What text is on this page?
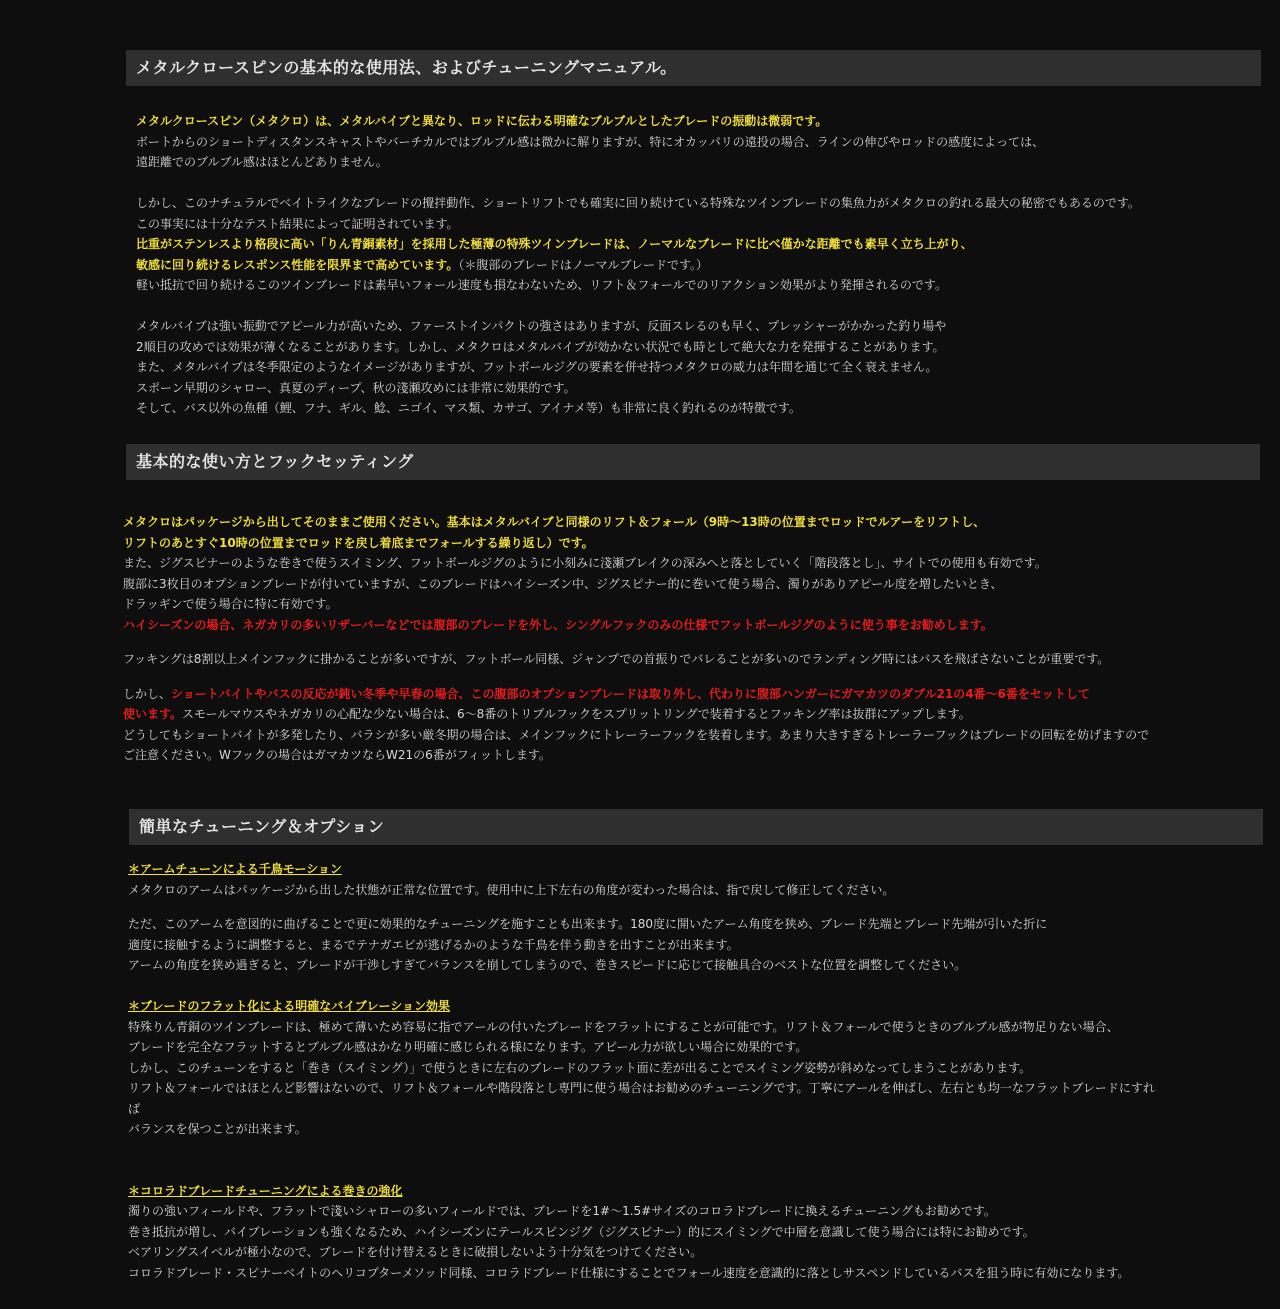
メタルクロースピンの基本的な使用法、およびチューニングマニュアル。

メタルクロースピン（メタクロ）は、メタルバイブと異なり、ロッドに伝わる明確なブルブルとしたブレードの振動は微弱です。

ボートからのショートディスタンスキャストやバーチカルではブルブル感は微かに解りますが、特にオカッパリの遠投の場合、ラインの伸びやロッドの感度によっては、

遠距離でのブルブル感はほとんどありません。

しかし、このナチュラルでベイトライクなブレードの攪拌動作、ショートリフトでも確実に回り続けている特殊なツインブレードの集魚力がメタクロの釣れる最大の秘密でもあるのです。

この事実には十分なテスト結果によって証明されています。

比重がステンレスより格段に高い「りん青銅素材」を採用した極薄の特殊ツインブレードは、ノーマルなブレードに比べ僅かな距離でも素早く立ち上がり、

敏感に回り続けるレスポンス性能を限界まで高めています。（＊腹部のブレードはノーマルブレードです。）

軽い抵抗で回り続けるこのツインブレードは素早いフォール速度も損なわないため、リフト＆フォールでのリアクション効果がより発揮されるのです。

メタルバイブは強い振動でアピール力が高いため、ファーストインパクトの強さはありますが、反面スレるのも早く、プレッシャーがかかった釣り場や

2順目の攻めでは効果が薄くなることがあります。しかし、メタクロはメタルバイブが効かない状況でも時として絶大な力を発揮することがあります。

また、メタルバイブは冬季限定のようなイメージがありますが、フットボールジグの要素を併せ持つメタクロの威力は年間を通じて全く衰えません。

スポーン早期のシャロー、真夏のディープ、秋の淺瀬攻めには非常に効果的です。

そして、バス以外の魚種（鯉、フナ、ギル、鯰、ニゴイ、マス類、カサゴ、アイナメ等）も非常に良く釣れるのが特徴です。

基本的な使い方とフックセッティング

メタクロはパッケージから出してそのままご使用ください。基本はメタルバイブと同様のリフト＆フォール（9時～13時の位置までロッドでルアーをリフトし、

リフトのあとすぐ10時の位置までロッドを戻し着底までフォールする繰り返し）です。

また、ジグスピナーのような巻きで使うスイミング、フットボールジグのように小刻みに淺瀬ブレイクの深みへと落としていく「階段落とし」、サイトでの使用も有効です。

腹部に3枚目のオプションブレードが付いていますが、このブレードはハイシーズン中、ジグスピナー的に巻いて使う場合、濁りがありアピール度を増したいとき、

ドラッギンで使う場合に特に有効です。

ハイシーズンの場合、ネガカリの多いリザーバーなどでは腹部のブレードを外し、シングルフックのみの仕様でフットボールジグのように使う事をお勧めします。

フッキングは8割以上メインフックに掛かることが多いですが、フットボール同様、ジャンプでの首振りでバレることが多いのでランディング時にはバスを飛ばさないことが重要です。

しかし、ショートバイトやバスの反応が鈍い冬季や早春の場合、この腹部のオプションブレードは取り外し、代わりに腹部ハンガーにガマカツのダブル21の4番～6番をセットして

使います。スモールマウスやネガカリの心配な少ない場合は、6～8番のトリプルフックをスプリットリングで装着するとフッキング率は抜群にアップします。

どうしてもショートバイトが多発したり、バラシが多い厳冬期の場合は、メインフックにトレーラーフックを装着します。あまり大きすぎるトレーラーフックはブレードの回転を妨げますので

ご注意ください。Wフックの場合はガマカツならW21の6番がフィットします。

簡単なチューニング＆オプション

＊アームチューンによる千鳥モーション

メタクロのアームはパッケージから出した状態が正常な位置です。使用中に上下左右の角度が変わった場合は、指で戻して修正してください。

ただ、このアームを意図的に曲げることで更に効果的なチューニングを施すことも出来ます。180度に開いたアーム角度を狭め、ブレード先端とブレード先端が引いた折に

適度に接触するように調整すると、まるでテナガエビが逃げるかのような千鳥を伴う動きを出すことが出来ます。

アームの角度を狭め過ぎると、ブレードが干渉しすぎてバランスを崩してしまうので、巻きスピードに応じて接触具合のベストな位置を調整してください。

＊ブレードのフラット化による明確なバイブレーション効果

特殊りん青銅のツインブレードは、極めて薄いため容易に指でアールの付いたブレードをフラットにすることが可能です。リフト＆フォールで使うときのブルブル感が物足りない場合、

ブレードを完全なフラットするとブルブル感はかなり明確に感じられる様になります。アピール力が欲しい場合に効果的です。

しかし、このチューンをすると「巻き（スイミング）」で使うときに左右のブレードのフラット面に差が出ることでスイミング姿勢が斜めなってしまうことがあります。

リフト＆フォールではほとんど影響はないので、リフト＆フォールや階段落とし専門に使う場合はお勧めのチューニングです。丁寧にアールを伸ばし、左右とも均一なフラットブレードにすれ

ば

バランスを保つことが出来ます。

＊コロラドブレードチューニングによる巻きの強化

濁りの強いフィールドや、フラットで淺いシャローの多いフィールドでは、ブレードを1#～1.5#サイズのコロラドブレードに換えるチューニングもお勧めです。

巻き抵抗が増し、バイブレーションも強くなるため、ハイシーズンにテールスピンジグ（ジグスピナー）的にスイミングで中層を意識して使う場合には特にお勧めです。

ベアリングスイベルが極小なので、ブレードを付け替えるときに破損しないよう十分気をつけてください。

コロラドブレード・スピナーベイトのヘリコプターメソッド同様、コロラドブレード仕様にすることでフォール速度を意識的に落としサスペンドしているバスを狙う時に有効になります。
